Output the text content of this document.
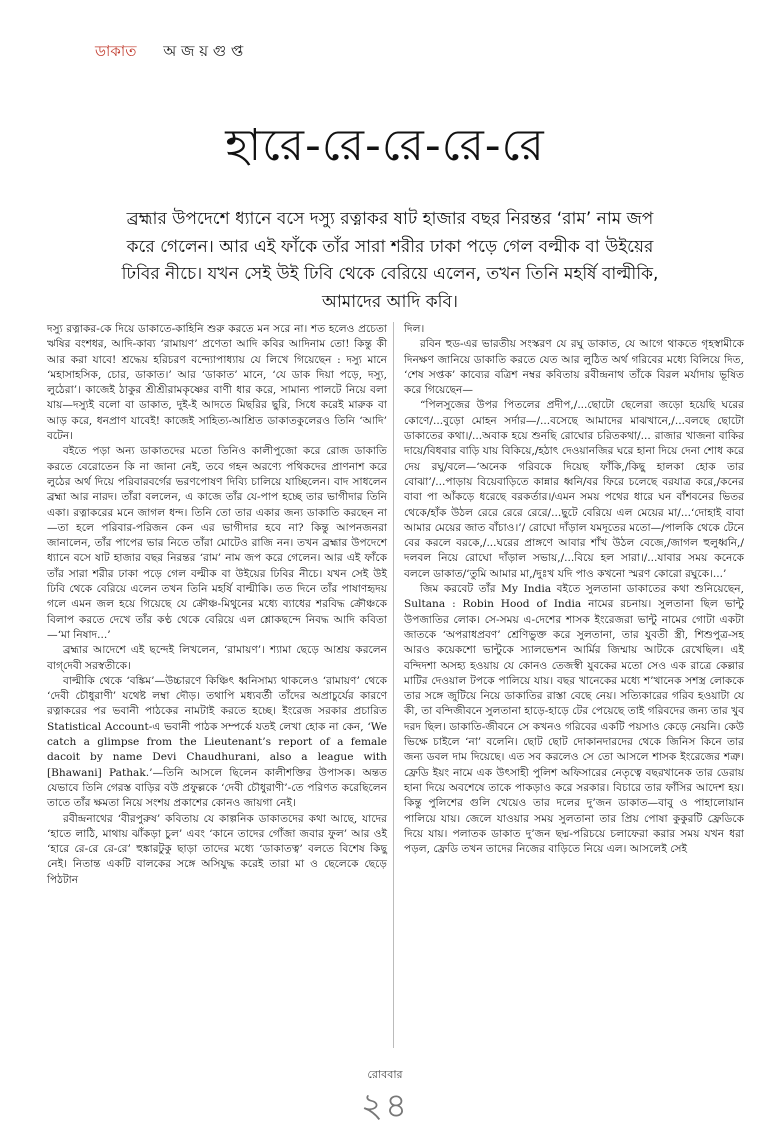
ডাকাত অ জ য় গু প্ত
হারে-রে-রে-রে-রে
ব্রহ্মার উপদেশে ধ্যানে বসে দস্যু রত্নাকর ষাট হাজার বছর নিরন্তর ‘রাম’ নাম জপ করে গেলেন। আর এই ফাঁকে তাঁর সারা শরীর ঢাকা পড়ে গেল বল্মীক বা উইয়ের ঢিবির নীচে। যখন সেই উই ঢিবি থেকে বেরিয়ে এলেন, তখন তিনি মহর্ষি বাল্মীকি, আমাদের আদি কবি।

দস্যু রত্নাকর-কে দিয়ে ডাকাতে-কাহিনি শুরু করতে মন সরে না। শত হলেও প্রচেতা ঋষির বংশধর, আদি-কাব্য ‘রামায়ণ’ প্রণেতা আদি কবির আদিনাম তো! কিন্তু কী আর করা যাবে! শ্রদ্ধেয় হরিচরণ বন্দ্যোপাধ্যায় যে লিখে গিয়েছেন : দস্যু মানে ‘মহাসাহসিক, চোর, ডাকাত।’ আর ‘ডাকাত’ মানে, ‘যে ডাক দিয়া পড়ে, দস্যু, লুঠেরা’। কাজেই ঠাকুর শ্রীশ্রীরামকৃষ্ণের বাণী ধার করে, সামান্য পালটে নিয়ে বলা যায়—দস্যুই বলো বা ডাকাত, দুই-ই আদতে মিছরির ছুরি, সিধে করেই মারুক বা আড় করে, ধনপ্রাণ যাবেই! কাজেই সাহিত্য-আশ্রিত ডাকাতকুলেরও তিনি ‘আদি’ বটেন।

বইতে পড়া অন্য ডাকাতদের মতো তিনিও কালীপুজো করে রোজ ডাকাতি করতে বেরোতেন কি না জানা নেই, তবে গহন অরণ্যে পথিকদের প্রাণনাশ করে লুঠের অর্থ দিয়ে পরিবারবর্গের ভরণপোষণ দিব্যি চালিয়ে যাচ্ছিলেন। বাদ সাধলেন ব্রহ্মা আর নারদ। তাঁরা বললেন, এ কাজে তাঁর যে-পাপ হচ্ছে তার ভাগীদার তিনি একা। রত্নাকরের মনে জাগল ধন্দ। তিনি তো তার একার জন্য ডাকাতি করছেন না—তা হলে পরিবার-পরিজন কেন এর ভাগীদার হবে না? কিন্তু আপনজনরা জানালেন, তাঁর পাপের ভার নিতে তাঁরা মোটেও রাজি নন। তখন ব্রহ্মার উপদেশে ধ্যানে বসে ষাট হাজার বছর নিরন্তর ‘রাম’ নাম জপ করে গেলেন। আর এই ফাঁকে তাঁর সারা শরীর ঢাকা পড়ে গেল বল্মীক বা উইয়ের ঢিবির নীচে। যখন সেই উই ঢিবি থেকে বেরিয়ে এলেন তখন তিনি মহর্ষি বাল্মীকি। তত দিনে তাঁর পাষাণহৃদয় গলে এমন জল হয়ে গিয়েছে যে ক্রৌঞ্চ-মিথুনের মধ্যে ব্যাধের শরবিদ্ধ ক্রৌঞ্চকে বিলাপ করতে দেখে তাঁর কণ্ঠ থেকে বেরিয়ে এল শ্লোকছন্দে নিবদ্ধ আদি কবিতা—‘মা নিষাদ...’

ব্রহ্মার আদেশে এই ছন্দেই লিখলেন, ‘রামায়ণ’। শ্যামা ছেড়ে আশ্রয় করলেন বাগ্‌দেবী সরস্বতীকে।

বাল্মীকি থেকে ‘বঙ্কিম’—উচ্চারণে কিঞ্চিৎ ধ্বনিসাম্য থাকলেও ‘রামায়ণ’ থেকে ‘দেবী চৌধুরাণী’ যথেষ্ট লম্বা দৌড়। তথাপি মধ্যবর্তী তাঁদের অপ্রাচুর্যের কারণে রত্নাকরের পর ভবানী পাঠকের নামটাই করতে হচ্ছে। ইংরেজ সরকার প্রচারিত Statistical Account-এ ভবানী পাঠক সম্পর্কে যতই লেখা হোক না কেন, ‘We catch a glimpse from the Lieutenant’s report of a female dacoit by name Devi Chaudhurani, also a league with [Bhawani] Pathak.’—তিনি আসলে ছিলেন কালীশক্তির উপাসক। অন্তত যেভাবে তিনি গেরস্ত বাড়ির বউ প্রফুল্লকে ‘দেবী চৌধুরাণী’-তে পরিণত করেছিলেন তাতে তাঁর ক্ষমতা নিয়ে সংশয় প্রকাশের কোনও জায়গা নেই।

রবীন্দ্রনাথের ‘বীরপুরুষ’ কবিতায় যে কাল্পনিক ডাকাতদের কথা আছে, যাদের ‘হাতে লাঠি, মাথায় ঝাঁকড়া চুল’ এবং ‘কানে তাদের গোঁজা জবার ফুল’ আর ওই ‘হারে রে-রে রে-রে’ হুঙ্কারটুকু ছাড়া তাদের মধ্যে ‘ডাকাতত্ব’ বলতে বিশেষ কিছু নেই। নিতান্ত একটি বালকের সঙ্গে অসিযুদ্ধ করেই তারা মা ও ছেলেকে ছেড়ে পিঠটান

দিল।

রবিন হুড-এর ভারতীয় সংস্করণ যে রঘু ডাকাত, যে আগে থাকতে গৃহস্বামীকে দিনক্ষণ জানিয়ে ডাকাতি করতে যেত আর লুঠিত অর্থ গরিবের মধ্যে বিলিয়ে দিত, ‘শেষ সপ্তক’ কাব্যের বত্রিশ নম্বর কবিতায় রবীন্দ্রনাথ তাঁকে বিরল মর্যাদায় ভূষিত করে গিয়েছেন—

“পিলসুজের উপর পিতলের প্রদীপ,/...ছোটো ছেলেরা জড়ো হয়েছি ঘরের কোণে/...বুড়ো মোহন সর্দার—/...বসেছে আমাদের মাঝখানে,/...বলছে ছোটো ডাকাতের কথা।/...অবাক হয়ে শুনছি রোঘোর চরিতকথা/... রাজার খাজনা বাকির দায়ে/বিধবার বাড়ি যায় বিকিয়ে,/হঠাৎ দেওয়ানজির ঘরে হানা দিয়ে দেনা শোধ করে দেয় রঘু/বলে—‘অনেক গরিবকে দিয়েছ ফাঁকি,/কিছু হালকা হোক তার বোঝা’/...পাড়ায় বিয়েবাড়িতে কান্নার ধ্বনি/বর ফিরে চলেছে বরযাত্র করে,/কনের বাবা পা আঁকড়ে ধরেছে বরকর্তার।/এমন সময় পথের ধারে ঘন বাঁশবনের ভিতর থেকে/হাঁক উঠল রেরে রেরে রেরে/...ছুটে বেরিয়ে এল মেয়ের মা/...‘দোহাই বাবা আমার মেয়ের জাত বাঁচাও।’/ রোঘো দাঁড়াল যমদূতের মতো—/পালকি থেকে টেনে বের করলে বরকে,/...ঘরের প্রাঙ্গণে আবার শাঁখ উঠল বেজে,/জাগল হুলুধ্বনি,/দলবল নিয়ে রোঘো দাঁড়াল সভায়,/...বিয়ে হল সারা।/...যাবার সময় কনেকে বললে ডাকাত/‘তুমি আমার মা,/দুঃখ যদি পাও কখনো স্মরণ কোরো রঘুকে।...’

জিম করবেট তাঁর My India বইতে সুলতানা ডাকাতের কথা শুনিয়েছেন, Sultana : Robin Hood of India নামের রচনায়। সুলতানা ছিল ভান্টু উপজাতির লোক। সে-সময় এ-দেশের শাসক ইংরেজরা ভান্টু নামের গোটা একটা জাতকে ‘অপরাধপ্রবণ’ শ্রেণিভুক্ত করে সুলতানা, তার যুবতী স্ত্রী, শিশুপুত্র-সহ আরও কয়েকশো ভান্টুকে স্যালভেশন আর্মির জিম্মায় আটকে রেখেছিল। এই বন্দিদশা অসহ্য হওয়ায় যে কোনও তেজস্বী যুবকের মতো সেও এক রাত্রে কেল্লার মাটির দেওয়াল টপকে পালিয়ে যায়। বছর খানেকের মধ্যে শ’খানেক সশস্ত্র লোককে তার সঙ্গে জুটিয়ে নিয়ে ডাকাতির রাস্তা বেছে নেয়। সত্যিকারের গরিব হওয়াটা যে কী, তা বন্দিজীবনে সুলতানা হাড়ে-হাড়ে টের পেয়েছে তাই গরিবদের জন্য তার খুব দরদ ছিল। ডাকাতি-জীবনে সে কখনও গরিবের একটি পয়সাও কেড়ে নেয়নি। কেউ ভিক্ষে চাইলে ‘না’ বলেনি। ছোট ছোট দোকানদারদের থেকে জিনিস কিনে তার জন্য ডবল দাম দিয়েছে। এত সব করলেও সে তো আসলে শাসক ইংরেজের শত্রু। ফ্রেডি ইয়ং নামে এক উৎসাহী পুলিশ অফিসারের নেতৃত্বে বছরখানেক তার ডেরায় হানা দিয়ে অবশেষে তাকে পাকড়াও করে সরকার। বিচারে তার ফাঁসির আদেশ হয়। কিন্তু পুলিশের গুলি খেয়েও তার দলের দু’জন ডাকাত—বাবু ও পাহালোয়ান পালিয়ে যায়। জেলে যাওয়ার সময় সুলতানা তার প্রিয় পোষা কুকুরটি ফ্রেডিকে দিয়ে যায়। পলাতক ডাকাত দু’জন ছদ্ম-পরিচয়ে চলাফেরা করার সময় যখন ধরা পড়ল, ফ্রেডি তখন তাদের নিজের বাড়িতে নিয়ে এল। আসলেই সেই

রোববার
২৪
